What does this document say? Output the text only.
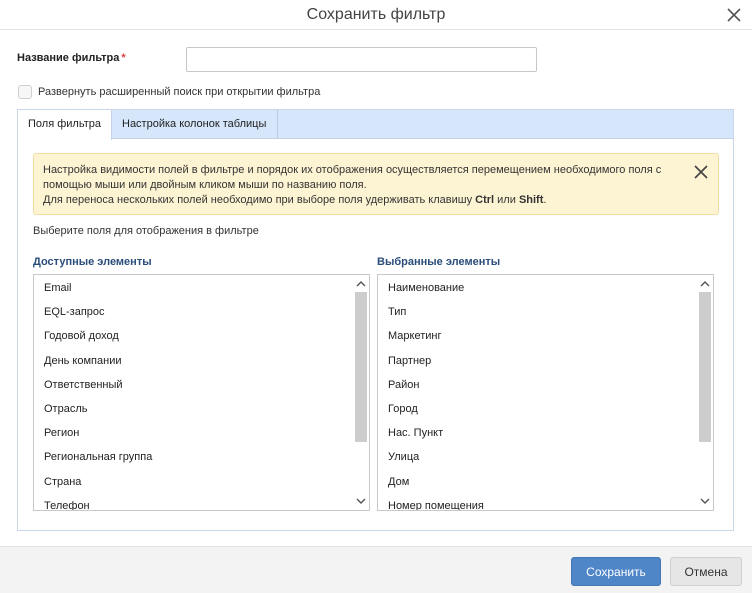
Сохранить фильтр
Название фильтра *
Развернуть расширенный поиск при открытии фильтра
Поля фильтра	Настройка колонок таблицы
Настройка видимости полей в фильтре и порядок их отображения осуществляется перемещением необходимого поля с помощью мыши или двойным кликом мыши по названию поля.
Для переноса нескольких полей необходимо при выборе поля удерживать клавишу Ctrl или Shift.
Выберите поля для отображения в фильтре
Доступные элементы	Выбранные элементы
Email
EQL-запрос
Годовой доход
День компании
Ответственный
Отрасль
Регион
Региональная группа
Страна
Телефон
Наименование
Тип
Маркетинг
Партнер
Район
Город
Нас. Пункт
Улица
Дом
Номер помещения
Сохранить	Отмена
